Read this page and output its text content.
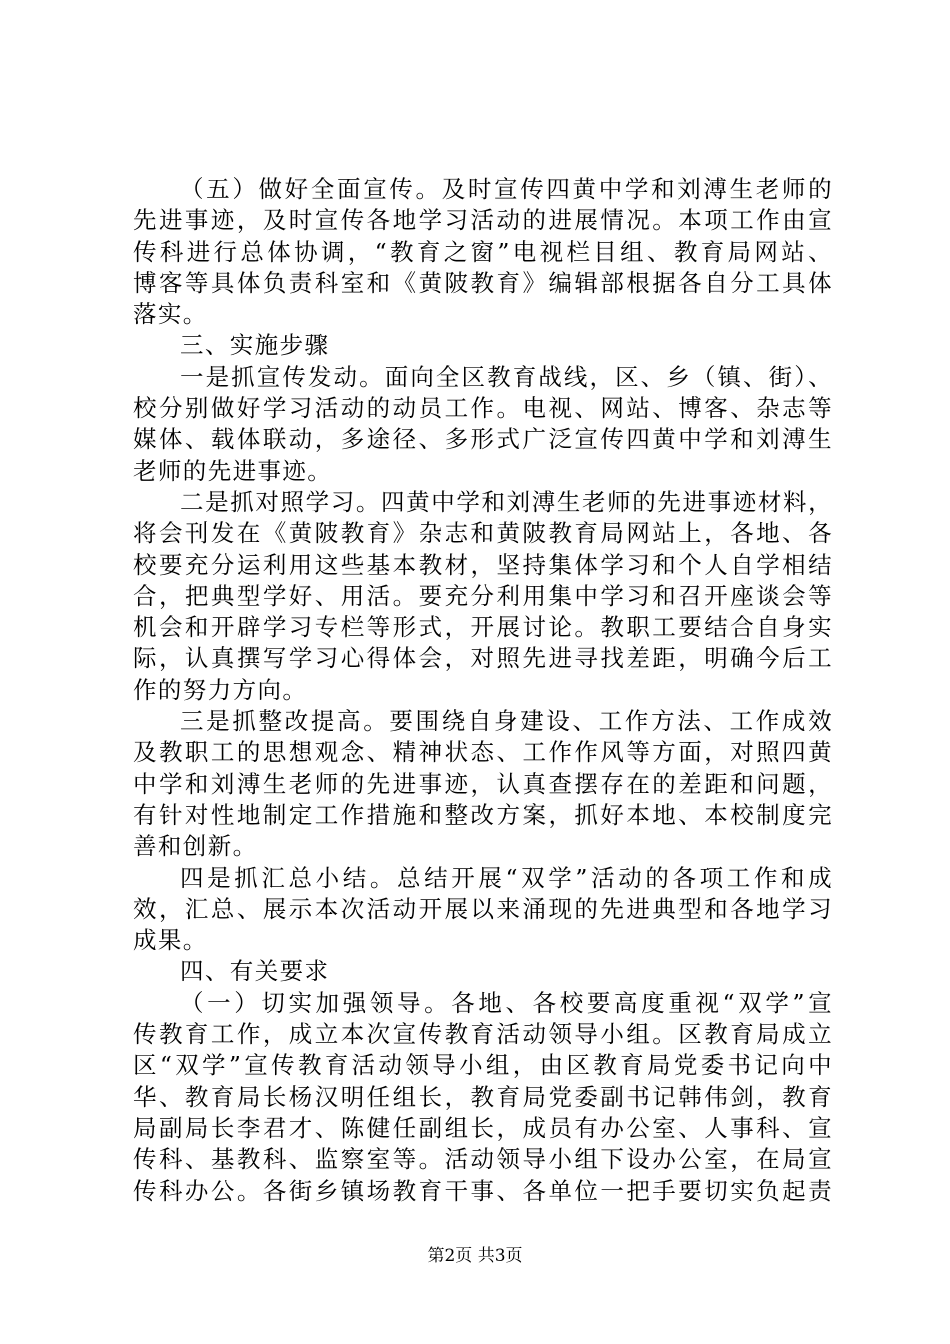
（五）做好全面宣传。及时宣传四黄中学和刘溥生老师的
先进事迹，及时宣传各地学习活动的进展情况。本项工作由宣
传科进行总体协调，“教育之窗”电视栏目组、教育局网站、
博客等具体负责科室和《黄陂教育》编辑部根据各自分工具体
落实。
三、实施步骤
一是抓宣传发动。面向全区教育战线，区、乡（镇、街）、
校分别做好学习活动的动员工作。电视、网站、博客、杂志等
媒体、载体联动，多途径、多形式广泛宣传四黄中学和刘溥生
老师的先进事迹。
二是抓对照学习。四黄中学和刘溥生老师的先进事迹材料，
将会刊发在《黄陂教育》杂志和黄陂教育局网站上，各地、各
校要充分运利用这些基本教材，坚持集体学习和个人自学相结
合，把典型学好、用活。要充分利用集中学习和召开座谈会等
机会和开辟学习专栏等形式，开展讨论。教职工要结合自身实
际，认真撰写学习心得体会，对照先进寻找差距，明确今后工
作的努力方向。
三是抓整改提高。要围绕自身建设、工作方法、工作成效
及教职工的思想观念、精神状态、工作作风等方面，对照四黄
中学和刘溥生老师的先进事迹，认真查摆存在的差距和问题，
有针对性地制定工作措施和整改方案，抓好本地、本校制度完
善和创新。
四是抓汇总小结。总结开展“双学”活动的各项工作和成
效，汇总、展示本次活动开展以来涌现的先进典型和各地学习
成果。
四、有关要求
（一）切实加强领导。各地、各校要高度重视“双学”宣
传教育工作，成立本次宣传教育活动领导小组。区教育局成立
区“双学”宣传教育活动领导小组，由区教育局党委书记向中
华、教育局长杨汉明任组长，教育局党委副书记韩伟剑，教育
局副局长李君才、陈健任副组长，成员有办公室、人事科、宣
传科、基教科、监察室等。活动领导小组下设办公室，在局宣
传科办公。各街乡镇场教育干事、各单位一把手要切实负起责
第2页 共3页
